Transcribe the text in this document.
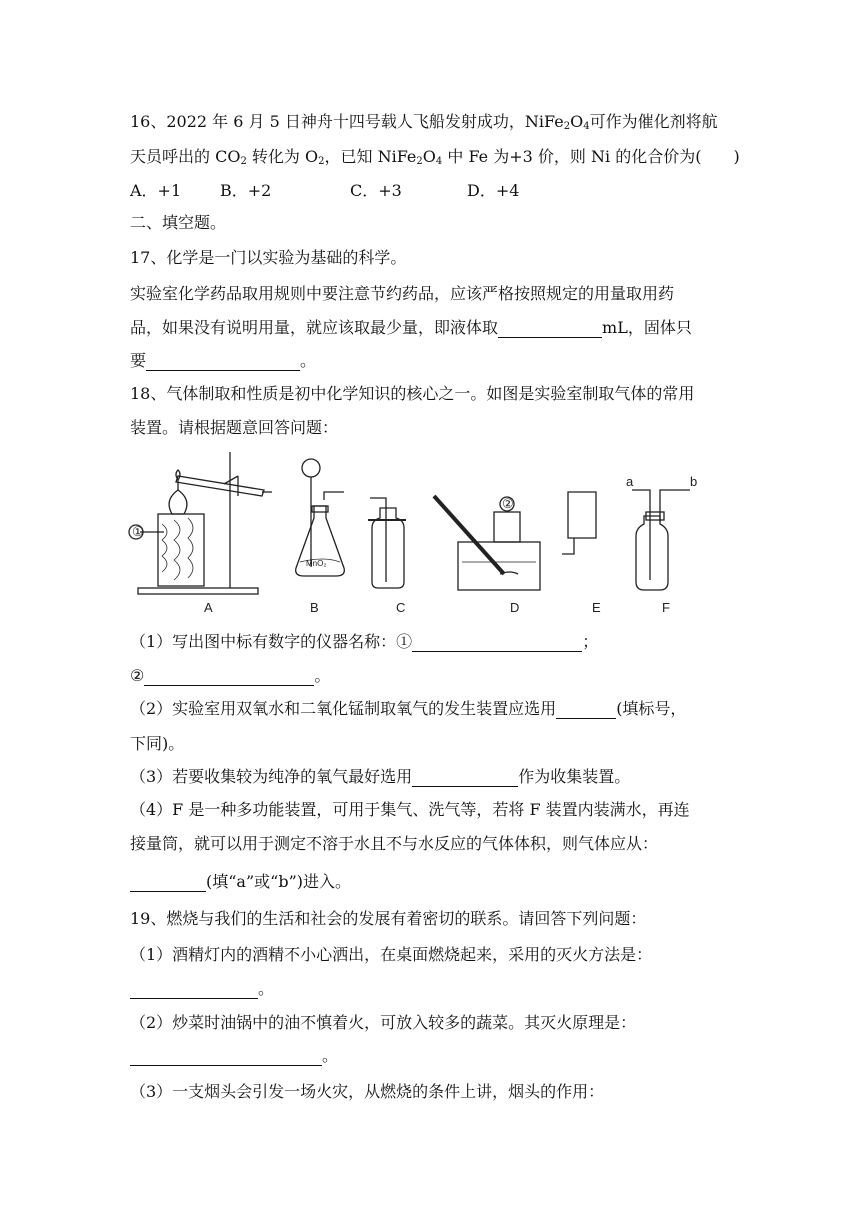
16、2022 年 6 月 5 日神舟十四号载人飞船发射成功，$NiFe_2O_4$可作为催化剂将航
天员呼出的 $CO_2$ 转化为 $O_2$，已知 $NiFe_2O_4$ 中 Fe 为+3 价，则 Ni 的化合价为(　　)
A．+1 B．+2	C．+3	D．+4
二、填空题。
17、化学是一门以实验为基础的科学。
实验室化学药品取用规则中要注意节约药品，应该严格按照规定的用量取用药
品，如果没有说明用量，就应该取最少量，即液体取	mL，固体只
要	。
18、气体制取和性质是初中化学知识的核心之一。如图是实验室制取气体的常用
装置。请根据题意回答问题：
①
②
MnO₂
a	b
A	B	C	D	E	F
（1）写出图中标有数字的仪器名称：①	；
②	。
（2）实验室用双氧水和二氧化锰制取氧气的发生装置应选用	(填标号，
下同)。
（3）若要收集较为纯净的氧气最好选用	作为收集装置。
（4）F 是一种多功能装置，可用于集气、洗气等，若将 F 装置内装满水，再连
接量筒，就可以用于测定不溶于水且不与水反应的气体体积，则气体应从：
(填“a”或“b”)进入。
19、燃烧与我们的生活和社会的发展有着密切的联系。请回答下列问题：
（1）酒精灯内的酒精不小心洒出，在桌面燃烧起来，采用的灭火方法是：
。
（2）炒菜时油锅中的油不慎着火，可放入较多的蔬菜。其灭火原理是：
。
（3）一支烟头会引发一场火灾，从燃烧的条件上讲，烟头的作用：
